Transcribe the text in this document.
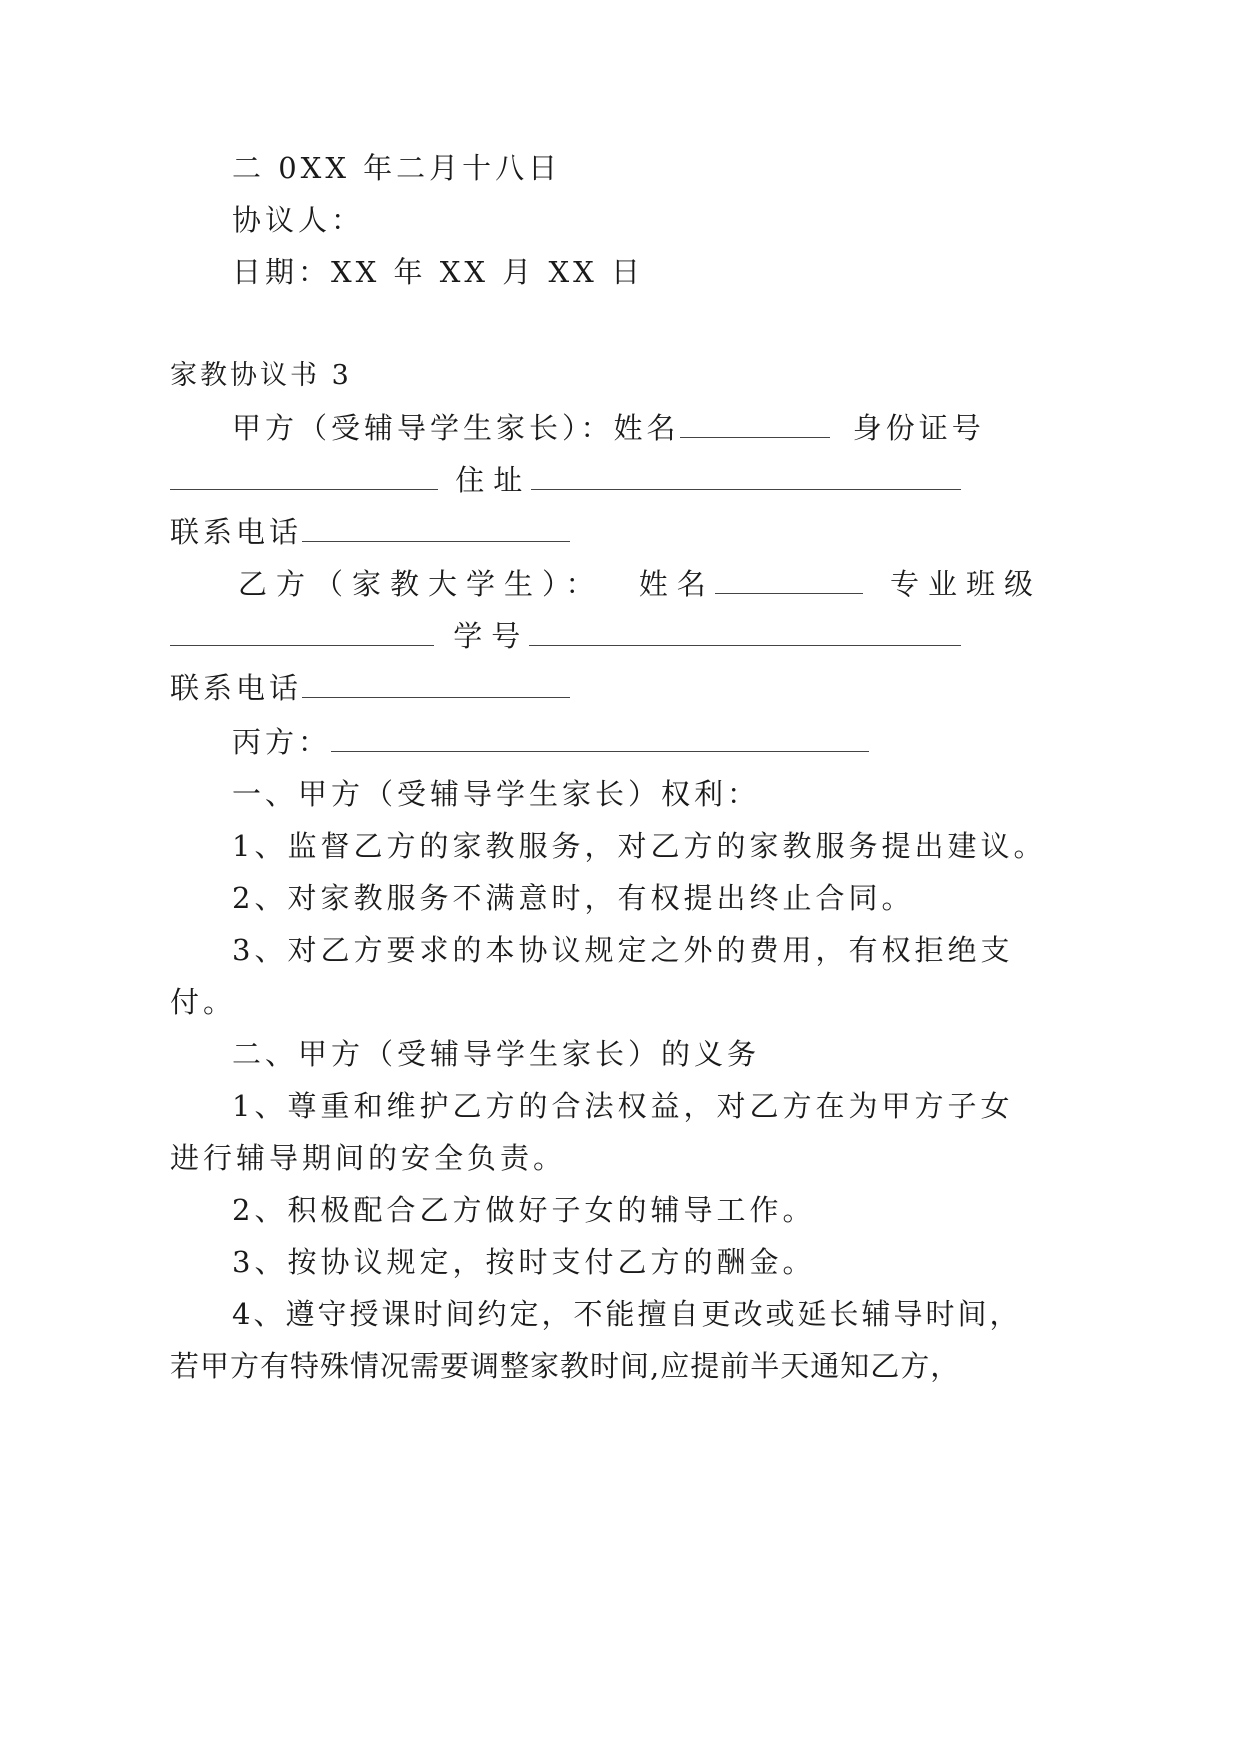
二 0XX 年二月十八日
协议人：
日期：XX 年 XX 月 XX 日
家教协议书 3
甲方（受辅导学生家长）：姓名	身份证号
住址
联系电话
乙方（家教大学生）： 姓名	专业班级
学号
联系电话
丙方：
一、甲方（受辅导学生家长）权利：
1、监督乙方的家教服务，对乙方的家教服务提出建议。
2、对家教服务不满意时，有权提出终止合同。
3、对乙方要求的本协议规定之外的费用，有权拒绝支
付。
二、甲方（受辅导学生家长）的义务
1、尊重和维护乙方的合法权益，对乙方在为甲方子女
进行辅导期间的安全负责。
2、积极配合乙方做好子女的辅导工作。
3、按协议规定，按时支付乙方的酬金。
4、遵守授课时间约定，不能擅自更改或延长辅导时间，
若甲方有特殊情况需要调整家教时间,应提前半天通知乙方，
